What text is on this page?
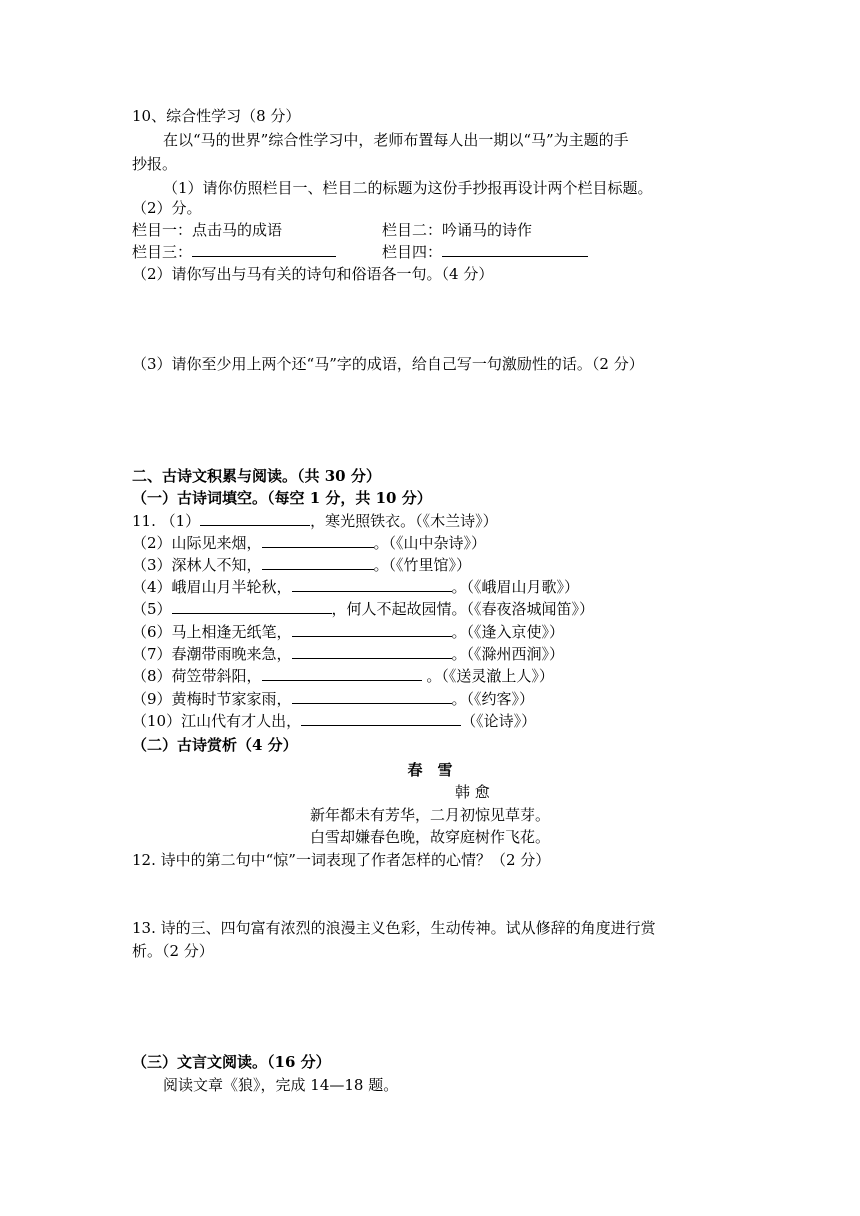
10、综合性学习（8 分）
在以“马的世界”综合性学习中，老师布置每人出一期以“马”为主题的手
抄报。
（1）请你仿照栏目一、栏目二的标题为这份手抄报再设计两个栏目标题。
（2）分。
栏目一：点击马的成语	栏目二：吟诵马的诗作
栏目三：	栏目四：
（2）请你写出与马有关的诗句和俗语各一句。（4 分）
（3）请你至少用上两个还“马”字的成语，给自己写一句激励性的话。（2 分）
二、古诗文积累与阅读。（共 30 分）
（一）古诗词填空。（每空 1 分，共 10 分）
11. （1）	，寒光照铁衣。（《木兰诗》）
（2）山际见来烟，	。（《山中杂诗》）
（3）深林人不知，	。（《竹里馆》）
（4）峨眉山月半轮秋，	。（《峨眉山月歌》）
（5）	，何人不起故园情。（《春夜洛城闻笛》）
（6）马上相逢无纸笔，	。（《逢入京使》）
（7）春潮带雨晚来急，	。（《滁州西涧》）
（8）荷笠带斜阳，	。（《送灵澈上人》）
（9）黄梅时节家家雨，	。（《约客》）
（10）江山代有才人出，	（《论诗》）
（二）古诗赏析（4 分）
春　雪
韩 愈
新年都未有芳华，二月初惊见草芽。
白雪却嫌春色晚，故穿庭树作飞花。
12. 诗中的第二句中“惊”一词表现了作者怎样的心情？（2 分）
13. 诗的三、四句富有浓烈的浪漫主义色彩，生动传神。试从修辞的角度进行赏
析。（2 分）
（三）文言文阅读。（16 分）
阅读文章《狼》，完成 14—18 题。
